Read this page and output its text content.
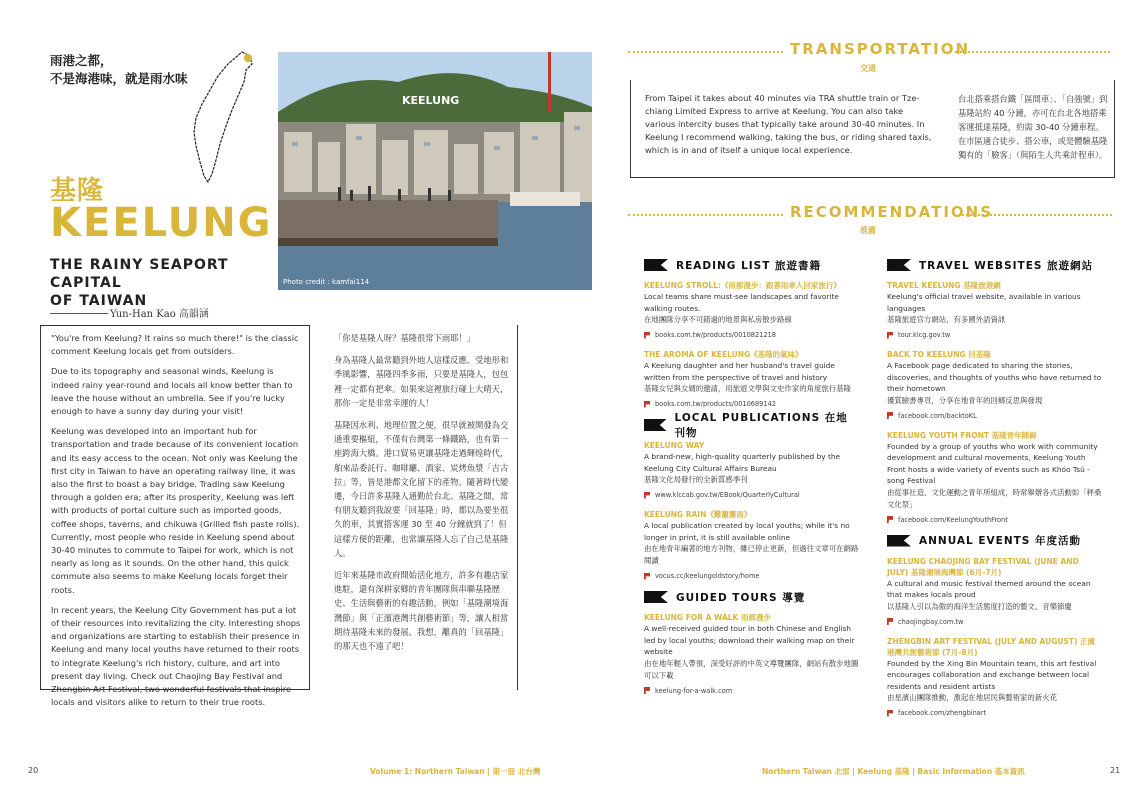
雨港之都，
不是海港味，就是雨水味
KEELUNG
Photo credit : kamfai114
基隆
KEELUNG
THE RAINY SEAPORT CAPITAL
OF TAIWAN
Yun-Han Kao 高韻涵

"You're from Keelung? It rains so much there!" is the classic comment Keelung locals get from outsiders.

Due to its topography and seasonal winds, Keelung is indeed rainy year-round and locals all know better than to leave the house without an umbrella. See if you're lucky enough to have a sunny day during your visit!

Keelung was developed into an important hub for transportation and trade because of its convenient location and its easy access to the ocean. Not only was Keelung the first city in Taiwan to have an operating railway line, it was also the first to boast a bay bridge. Trading saw Keelung through a golden era; after its prosperity, Keelung was left with products of portal culture such as imported goods, coffee shops, taverns, and chikuwa (Grilled fish paste rolls). Currently, most people who reside in Keelung spend about 30-40 minutes to commute to Taipei for work, which is not nearly as long as it sounds. On the other hand, this quick commute also seems to make Keelung locals forget their roots.

In recent years, the Keelung City Government has put a lot of their resources into revitalizing the city. Interesting shops and organizations are starting to establish their presence in Keelung and many local youths have returned to their roots to integrate Keelung's rich history, culture, and art into present day living. Check out Chaojing Bay Festival and Zhengbin Art Festival, two wonderful festivals that inspire locals and visitors alike to return to their true roots.

「你是基隆人呀？基隆很常下雨耶！」

身為基隆人最常聽到外地人這樣反應。受地形和季風影響，基隆四季多雨，只要是基隆人，包包裡一定都有把傘。如果來這裡旅行碰上大晴天，那你一定是非常幸運的人！

基隆因水利、地理位置之便，很早就被開發為交通重要樞紐，不僅有台灣第一條鐵路，也有第一座跨海大橋。港口貿易更讓基隆走過輝煌時代，舶來品委託行、咖啡廳、酒家、炭烤魚漿「吉古拉」等，皆是港都文化留下的產物。隨著時代變遷，今日許多基隆人通勤於台北、基隆之間，常有朋友聽到我說要「回基隆」時，都以為要坐很久的車，其實搭客運 30 至 40 分鐘就到了！但這樣方便的距離，也常讓基隆人忘了自己是基隆人。

近年來基隆市政府開始活化地方，許多有趣店家進駐，還有深耕家鄉的青年團隊與串聯基隆歷史、生活與藝術的有趣活動，例如「基隆潮境海灣節」與「正濱港灣共創藝術節」等，讓人相當期待基隆未來的發展。我想，離真的「回基隆」的那天也不遠了吧！

20	Volume 1: Northern Taiwan | 第一冊 北台灣
TRANSPORTATION
交通
From Taipei it takes about 40 minutes via TRA shuttle train or Tze-chiang Limited Express to arrive at Keelung. You can also take various intercity buses that typically take around 30-40 minutes. In Keelung I recommend walking, taking the bus, or riding shared taxis, which is in and of itself a unique local experience.
台北搭乘搭台鐵「區間車」、「自強號」到基隆站約 40 分鐘，亦可在台北各地搭乘客運抵達基隆，約需 30-40 分鐘車程。在市區適合徒步、搭公車，或是體驗基隆獨有的「臉客」（與陌生人共乘計程車）。
RECOMMENDATIONS
推薦
READING LIST 旅遊書籍
KEELUNG STROLL:《雨都漫步：跟著雨傘人回家旅行》
Local teams share must-see landscapes and favorite walking routes.
在地團隊分享不可錯過的地景與私房散步路線
books.com.tw/products/0010821218
THE AROMA OF KEELUNG《基隆的氣味》
A Keelung daughter and her husband's travel guide written from the perspective of travel and history
基隆女兒與女婿的邀請，用旅遊文學與文史作家的角度旅行基隆
books.com.tw/products/0010689142
LOCAL PUBLICATIONS 在地刊物
KEELUNG WAY
A brand-new, high-quality quarterly published by the Keelung City Cultural Affairs Bureau
基隆文化局發行的全新質感季刊
www.klccab.gov.tw/EBook/QuarterlyCultural
KEELUNG RAIN《雞籠霧雨》
A local publication created by local youths; while it's no longer in print, it is still available online
由在地青年編著的地方刊物，雖已停止更新，但過往文章可在網路閱讀
vocus.cc/keelungoldstory/home
GUIDED TOURS 導覽
KEELUNG FOR A WALK 雨都漫步
A well-received guided tour in both Chinese and English led by local youths; download their walking map on their website
由在地年輕人帶領，深受好評的中英文導覽團隊，網站有散步地圖可以下載
keelung-for-a-walk.com
TRAVEL WEBSITES 旅遊網站
TRAVEL KEELUNG 基隆旅遊網
Keelung's official travel website, available in various languages
基隆旅遊官方網站，有多國外語資訊
tour.klcg.gov.tw
BACK TO KEELUNG 回基隆
A Facebook page dedicated to sharing the stories, discoveries, and thoughts of youths who have returned to their hometown
優質臉書專頁，分享在地青年的回鄉反思與發現
facebook.com/backtoKL
KEELUNG YOUTH FRONT 基隆青年陣線
Founded by a group of youths who work with community development and cultural movements, Keelung Youth Front hosts a wide variety of events such as Khóo Tsú -song Festival
由從事社造、文化運動之青年所組成，時常舉辦各式活動如「秤桑文化祭」
facebook.com/KeelungYouthFront
ANNUAL EVENTS 年度活動
KEELUNG CHAOJING BAY FESTIVAL (JUNE AND JULY) 基隆潮境海灣節 (6月-7月)
A cultural and music festival themed around the ocean that makes locals proud
以基隆人引以為傲的海洋生活態度打造的藝文、音樂節慶
chaojingbay.com.tw
ZHENGBIN ART FESTIVAL (JULY AND AUGUST) 正濱港灣共創藝術節 (7月-8月)
Founded by the Xing Bin Mountain team, this art festival encourages collaboration and exchange between local residents and resident artists
由星濱山團隊推動，激起在地居民與藝術家的新火花
facebook.com/zhengbinart
Northern Taiwan 北部 | Keelung 基隆 | Basic Information 基本資訊	21
